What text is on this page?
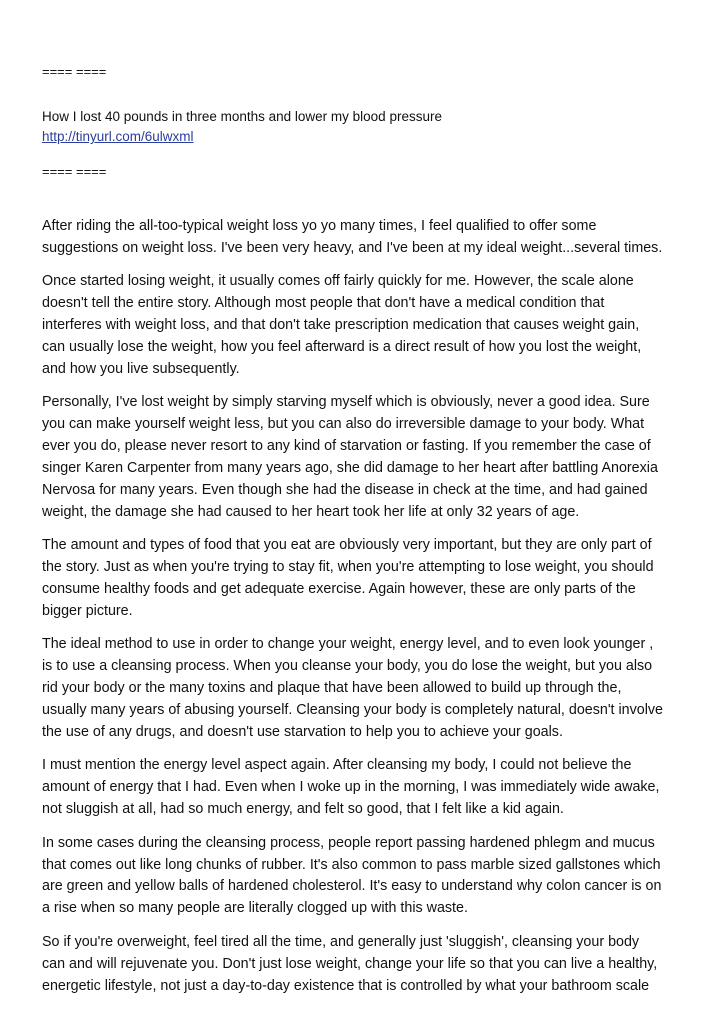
==== ====

How I lost 40 pounds in three months and lower my blood pressure

http://tinyurl.com/6ulwxml

==== ====

After riding the all-too-typical weight loss yo yo many times, I feel qualified to offer some
suggestions on weight loss. I've been very heavy, and I've been at my ideal weight...several times.

Once started losing weight, it usually comes off fairly quickly for me. However, the scale alone
doesn't tell the entire story. Although most people that don't have a medical condition that
interferes with weight loss, and that don't take prescription medication that causes weight gain,
can usually lose the weight, how you feel afterward is a direct result of how you lost the weight,
and how you live subsequently.

Personally, I've lost weight by simply starving myself which is obviously, never a good idea. Sure
you can make yourself weight less, but you can also do irreversible damage to your body. What
ever you do, please never resort to any kind of starvation or fasting. If you remember the case of
singer Karen Carpenter from many years ago, she did damage to her heart after battling Anorexia
Nervosa for many years. Even though she had the disease in check at the time, and had gained
weight, the damage she had caused to her heart took her life at only 32 years of age.

The amount and types of food that you eat are obviously very important, but they are only part of
the story. Just as when you're trying to stay fit, when you're attempting to lose weight, you should
consume healthy foods and get adequate exercise. Again however, these are only parts of the
bigger picture.

The ideal method to use in order to change your weight, energy level, and to even look younger ,
is to use a cleansing process. When you cleanse your body, you do lose the weight, but you also
rid your body or the many toxins and plaque that have been allowed to build up through the,
usually many years of abusing yourself. Cleansing your body is completely natural, doesn't involve
the use of any drugs, and doesn't use starvation to help you to achieve your goals.

I must mention the energy level aspect again. After cleansing my body, I could not believe the
amount of energy that I had. Even when I woke up in the morning, I was immediately wide awake,
not sluggish at all, had so much energy, and felt so good, that I felt like a kid again.

In some cases during the cleansing process, people report passing hardened phlegm and mucus
that comes out like long chunks of rubber. It's also common to pass marble sized gallstones which
are green and yellow balls of hardened cholesterol. It's easy to understand why colon cancer is on
a rise when so many people are literally clogged up with this waste.

So if you're overweight, feel tired all the time, and generally just 'sluggish', cleansing your body
can and will rejuvenate you. Don't just lose weight, change your life so that you can live a healthy,
energetic lifestyle, not just a day-to-day existence that is controlled by what your bathroom scale
